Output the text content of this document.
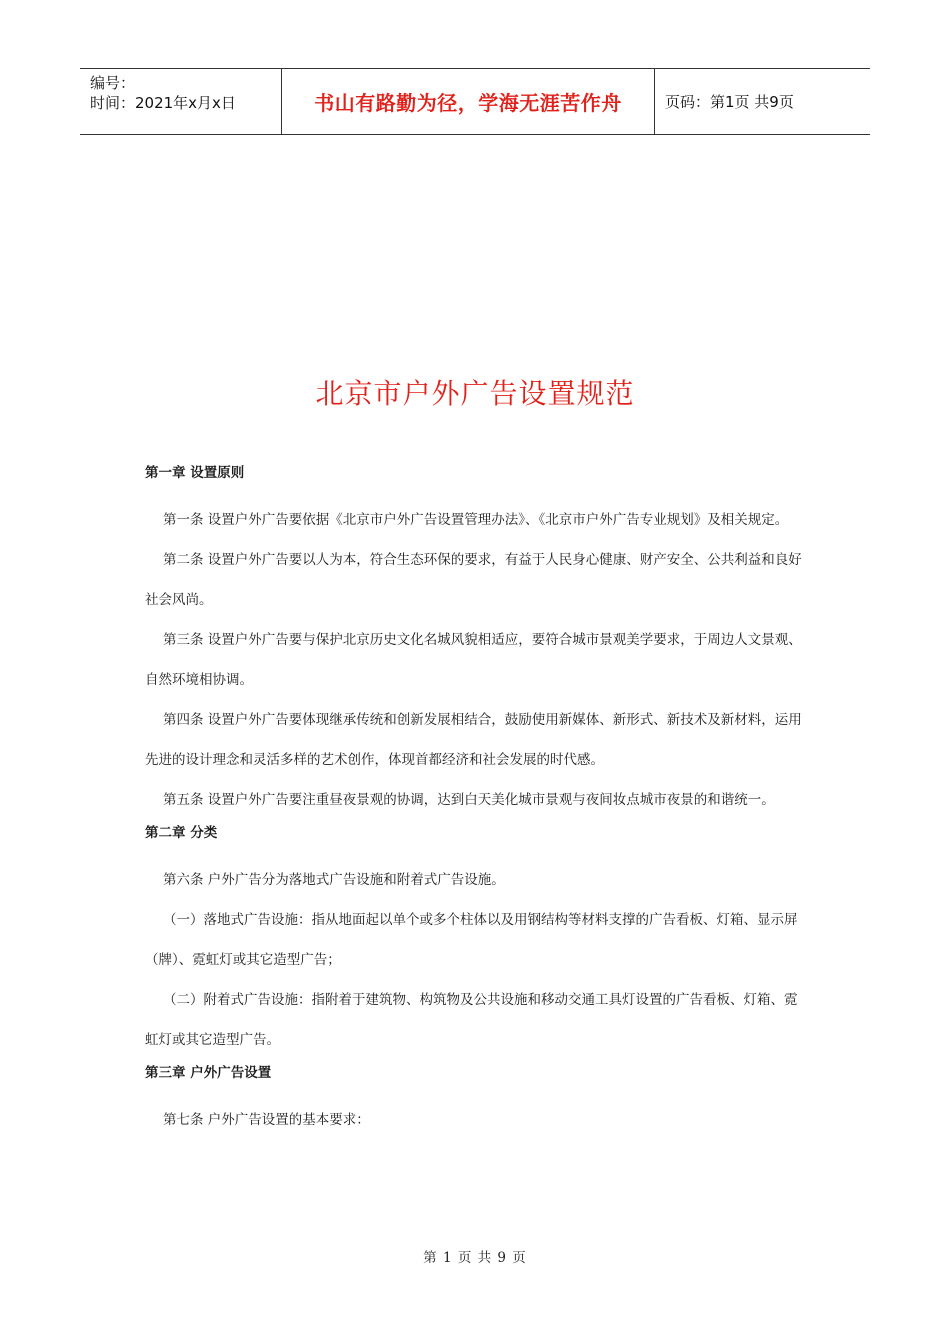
编号：
时间：2021年x月x日	书山有路勤为径，学海无涯苦作舟	页码：第1页 共9页
北京市户外广告设置规范

第一章 设置原则

第一条 设置户外广告要依据《北京市户外广告设置管理办法》、《北京市户外广告专业规划》及相关规定。

第二条 设置户外广告要以人为本，符合生态环保的要求，有益于人民身心健康、财产安全、公共利益和良好社会风尚。

第三条 设置户外广告要与保护北京历史文化名城风貌相适应，要符合城市景观美学要求，于周边人文景观、自然环境相协调。

第四条 设置户外广告要体现继承传统和创新发展相结合，鼓励使用新媒体、新形式、新技术及新材料，运用先进的设计理念和灵活多样的艺术创作，体现首都经济和社会发展的时代感。

第五条 设置户外广告要注重昼夜景观的协调，达到白天美化城市景观与夜间妆点城市夜景的和谐统一。

第二章 分类

第六条 户外广告分为落地式广告设施和附着式广告设施。

（一）落地式广告设施：指从地面起以单个或多个柱体以及用钢结构等材料支撑的广告看板、灯箱、显示屏（牌）、霓虹灯或其它造型广告；

（二）附着式广告设施：指附着于建筑物、构筑物及公共设施和移动交通工具灯设置的广告看板、灯箱、霓虹灯或其它造型广告。

第三章 户外广告设置

第七条 户外广告设置的基本要求：

第 1 页 共 9 页
